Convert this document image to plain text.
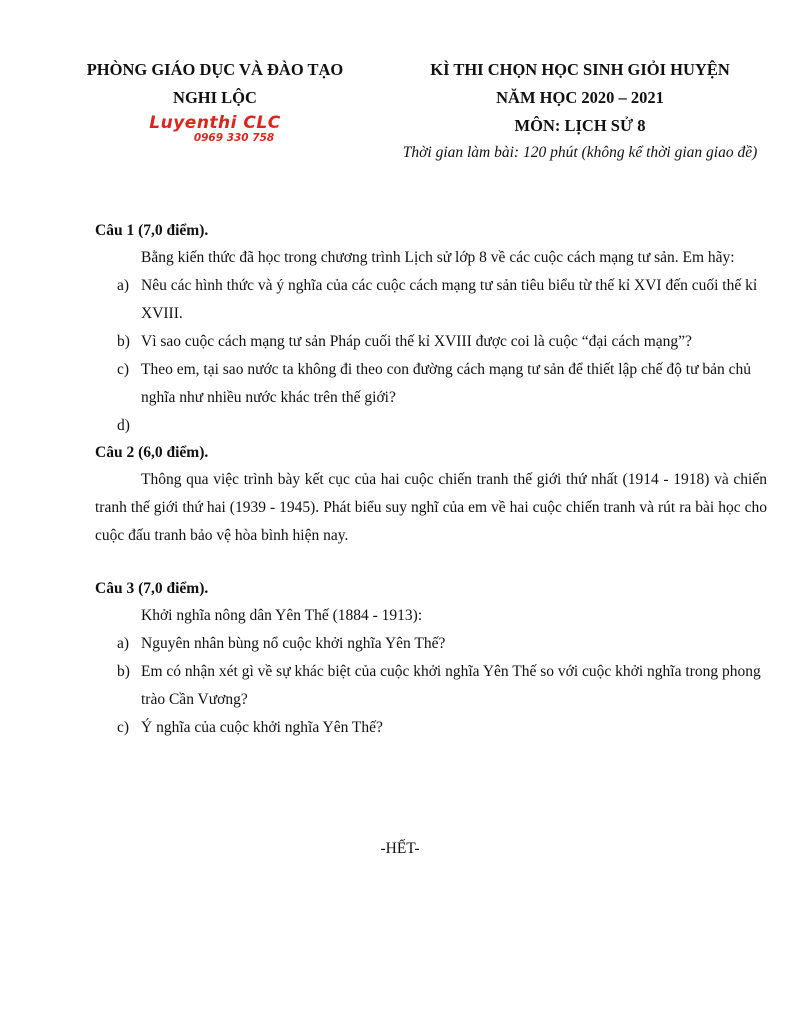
PHÒNG GIÁO DỤC VÀ ĐÀO TẠO
NGHI LỘC
Luyenthi CLC
0969 330 758
KÌ THI CHỌN HỌC SINH GIỎI HUYỆN
NĂM HỌC 2020 – 2021
MÔN: LỊCH SỬ 8
Thời gian làm bài: 120 phút (không kể thời gian giao đề)
Câu 1 (7,0 điểm).
Bằng kiến thức đã học trong chương trình Lịch sử lớp 8 về các cuộc cách mạng tư sản. Em hãy:
a) Nêu các hình thức và ý nghĩa của các cuộc cách mạng tư sản tiêu biểu từ thế kỉ XVI đến cuối thế kỉ XVIII.
b) Vì sao cuộc cách mạng tư sản Pháp cuối thế kỉ XVIII được coi là cuộc “đại cách mạng”?
c) Theo em, tại sao nước ta không đi theo con đường cách mạng tư sản để thiết lập chế độ tư bản chủ nghĩa như nhiều nước khác trên thế giới?
d)
Câu 2 (6,0 điểm).
Thông qua việc trình bày kết cục của hai cuộc chiến tranh thế giới thứ nhất (1914 - 1918) và chiến tranh thế giới thứ hai (1939 - 1945). Phát biểu suy nghĩ của em về hai cuộc chiến tranh và rút ra bài học cho cuộc đấu tranh bảo vệ hòa bình hiện nay.
Câu 3 (7,0 điểm).
Khởi nghĩa nông dân Yên Thế (1884 - 1913):
a) Nguyên nhân bùng nổ cuộc khởi nghĩa Yên Thế?
b) Em có nhận xét gì về sự khác biệt của cuộc khởi nghĩa Yên Thế so với cuộc khởi nghĩa trong phong trào Cần Vương?
c) Ý nghĩa của cuộc khởi nghĩa Yên Thế?
-HẾT-
